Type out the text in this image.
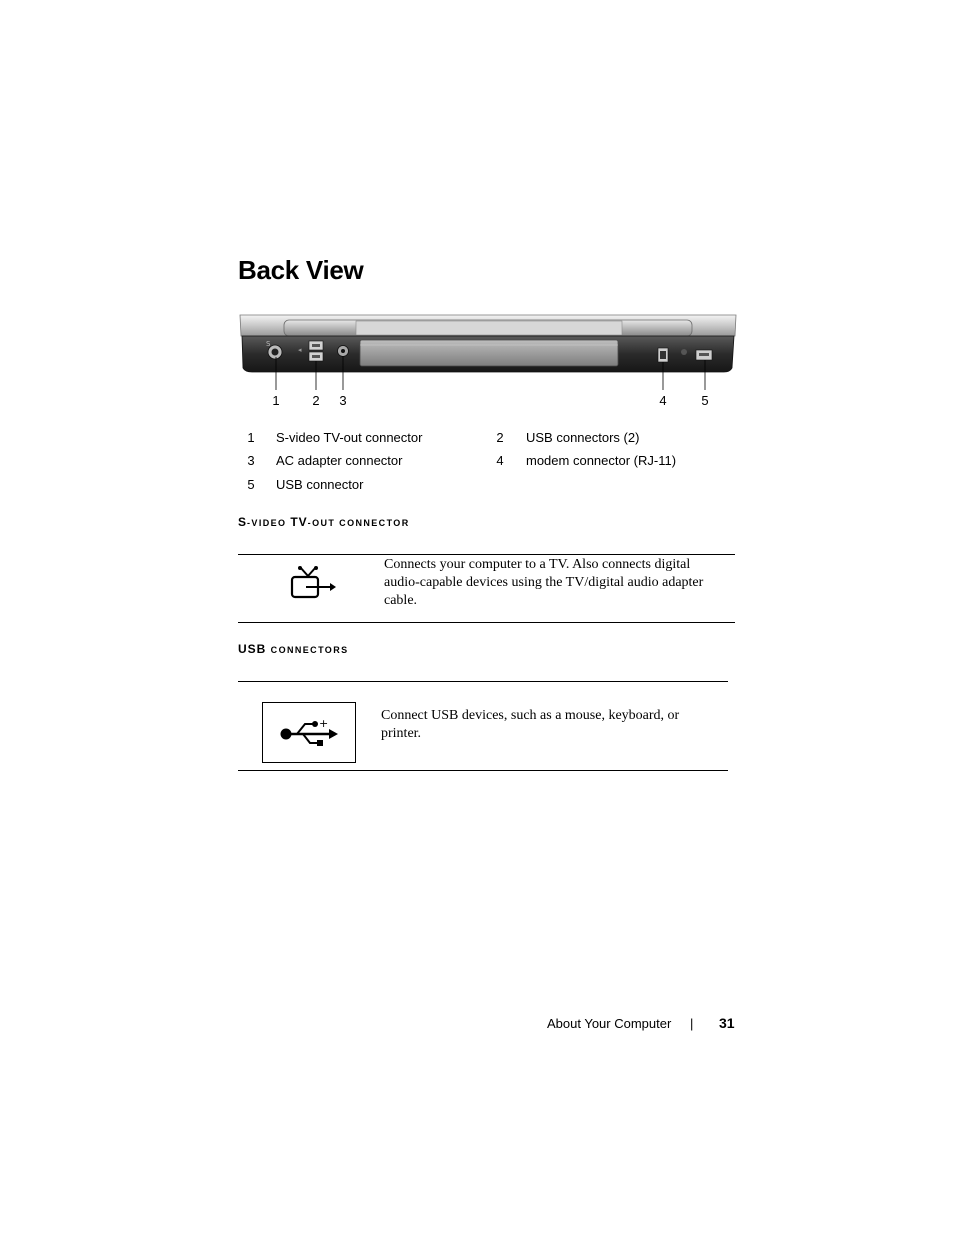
Back View
S
◂
1	2 3	4	5
1 S-video TV-out connector	2 USB connectors (2)
3 AC adapter connector	4 modem connector (RJ-11)
5 USB connector
S-VIDEO TV-OUT CONNECTOR
Connects your computer to a TV. Also connects digital audio-capable devices using the TV/digital audio adapter cable.
USB CONNECTORS
+
Connect USB devices, such as a mouse, keyboard, or printer.
About Your Computer | 31
